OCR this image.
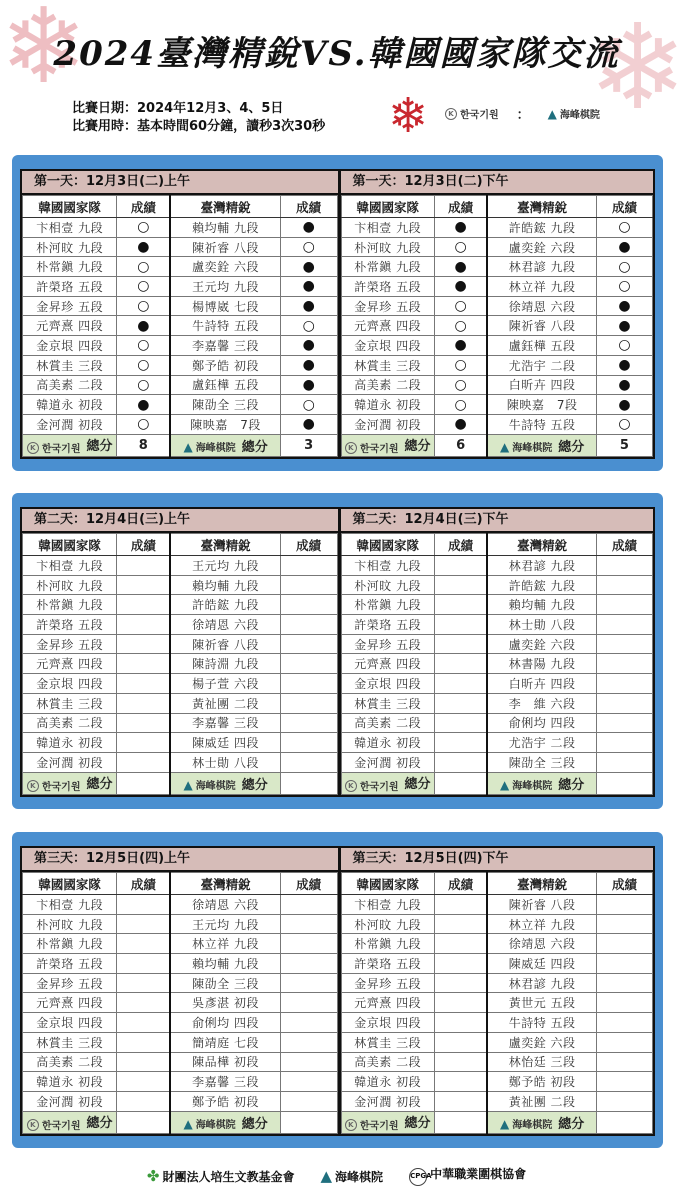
❄	❄
❄
2024臺灣精銳VS.韓國國家隊交流
比賽日期：2024年12月3、4、5日
比賽用時：基本時間60分鐘，讀秒3次30秒
K 한국기원 ： ▲ 海峰棋院
第一天：12月3日(二)上午
韓國國家隊	成績	臺灣精銳	成績
卞相壹 九段	○	賴均輔 九段	●
朴河旼 九段	●	陳祈睿 八段	○
朴常鎭 九段	○	盧奕銓 六段	●
許榮珞 五段	○	王元均 九段	●
金昇珍 五段	○	楊博崴 七段	●
元齊熹 四段	●	牛詩特 五段	○
金京垠 四段	○	李嘉馨 三段	●
林賞圭 三段	○	鄭予皓 初段	●
高美素 二段	○	盧鈺樺 五段	●
韓道永 初段	●	陳劭全 三段	○
金河潤 初段	○	陳映嘉　7段	●

K 한국기원 總分	8	▲ 海峰棋院 總分	3
第一天：12月3日(二)下午
韓國國家隊	成績	臺灣精銳	成績
卞相壹 九段	●	許皓鋐 九段	○
朴河旼 九段	○	盧奕銓 六段	●
朴常鎭 九段	●	林君諺 九段	○
許榮珞 五段	●	林立祥 九段	○
金昇珍 五段	○	徐靖恩 六段	●
元齊熹 四段	○	陳祈睿 八段	●
金京垠 四段	●	盧鈺樺 五段	○
林賞圭 三段	○	尤浩宇 二段	●
高美素 二段	○	白昕卉 四段	●
韓道永 初段	○	陳映嘉　7段	●
金河潤 初段	●	牛詩特 五段	○

K 한국기원 總分	6	▲ 海峰棋院 總分	5
第二天：12月4日(三)上午
韓國國家隊	成績	臺灣精銳	成績
卞相壹 九段		王元均 九段	
朴河旼 九段		賴均輔 九段	
朴常鎭 九段		許皓鋐 九段	
許榮珞 五段		徐靖恩 六段	
金昇珍 五段		陳祈睿 八段	
元齊熹 四段		陳詩淵 九段	
金京垠 四段		楊子萱 六段	
林賞圭 三段		黃祉團 二段	
高美素 二段		李嘉馨 三段	
韓道永 初段		陳威廷 四段	
金河潤 初段		林士勛 八段	

K 한국기원 總分		▲ 海峰棋院 總分	
第二天：12月4日(三)下午
韓國國家隊	成績	臺灣精銳	成績
卞相壹 九段		林君諺 九段	
朴河旼 九段		許皓鋐 九段	
朴常鎭 九段		賴均輔 九段	
許榮珞 五段		林士勛 八段	
金昇珍 五段		盧奕銓 六段	
元齊熹 四段		林書陽 九段	
金京垠 四段		白昕卉 四段	
林賞圭 三段		李　維 六段	
高美素 二段		俞俐均 四段	
韓道永 初段		尤浩宇 二段	
金河潤 初段		陳劭全 三段	

K 한국기원 總分		▲ 海峰棋院 總分	
第三天：12月5日(四)上午
韓國國家隊	成績	臺灣精銳	成績
卞相壹 九段		徐靖恩 六段	
朴河旼 九段		王元均 九段	
朴常鎭 九段		林立祥 九段	
許榮珞 五段		賴均輔 九段	
金昇珍 五段		陳劭全 三段	
元齊熹 四段		吳彥湛 初段	
金京垠 四段		俞俐均 四段	
林賞圭 三段		簡靖庭 七段	
高美素 二段		陳品樺 初段	
韓道永 初段		李嘉馨 三段	
金河潤 初段		鄭予皓 初段	

K 한국기원 總分		▲ 海峰棋院 總分	
第三天：12月5日(四)下午
韓國國家隊	成績	臺灣精銳	成績
卞相壹 九段		陳祈睿 八段	
朴河旼 九段		林立祥 九段	
朴常鎭 九段		徐靖恩 六段	
許榮珞 五段		陳威廷 四段	
金昇珍 五段		林君諺 九段	
元齊熹 四段		黃世元 五段	
金京垠 四段		牛詩特 五段	
林賞圭 三段		盧奕銓 六段	
高美素 二段		林怡廷 三段	
韓道永 初段		鄭予皓 初段	
金河潤 初段		黃祉團 二段	

K 한국기원 總分		▲ 海峰棋院 總分	
✤ 財團法人培生文教基金會 ▲ 海峰棋院	CPGA中華職業圍棋協會
